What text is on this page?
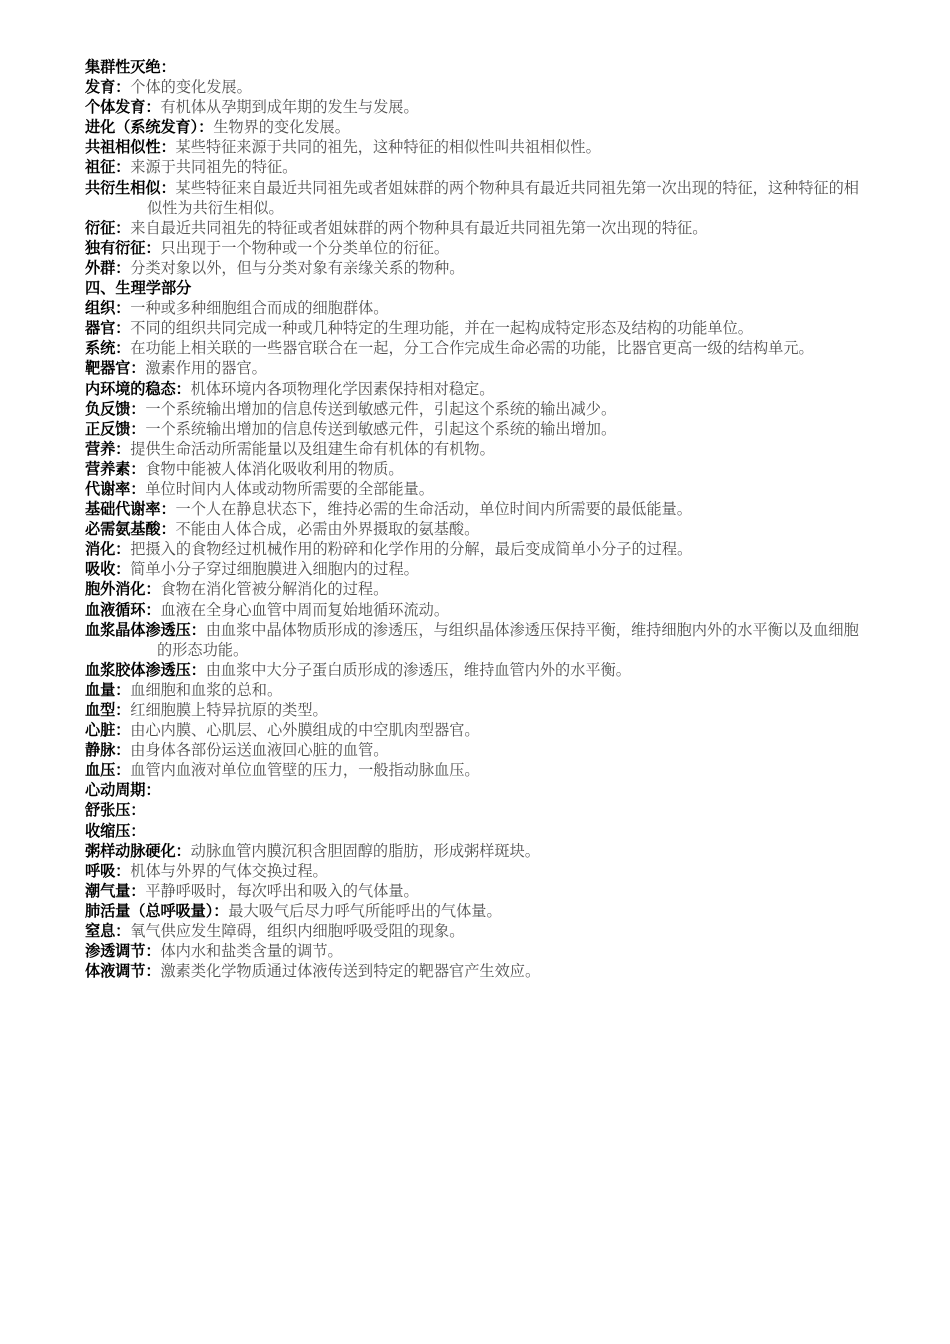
集群性灭绝：
发育：个体的变化发展。
个体发育：有机体从孕期到成年期的发生与发展。
进化（系统发育）：生物界的变化发展。
共祖相似性：某些特征来源于共同的祖先，这种特征的相似性叫共祖相似性。
祖征：来源于共同祖先的特征。
共衍生相似：某些特征来自最近共同祖先或者姐妹群的两个物种具有最近共同祖先第一次出现的特征，这种特征的相似性为共衍生相似。
衍征：来自最近共同祖先的特征或者姐妹群的两个物种具有最近共同祖先第一次出现的特征。
独有衍征：只出现于一个物种或一个分类单位的衍征。
外群：分类对象以外，但与分类对象有亲缘关系的物种。
四、生理学部分
组织：一种或多种细胞组合而成的细胞群体。
器官：不同的组织共同完成一种或几种特定的生理功能，并在一起构成特定形态及结构的功能单位。
系统：在功能上相关联的一些器官联合在一起，分工合作完成生命必需的功能，比器官更高一级的结构单元。
靶器官：激素作用的器官。
内环境的稳态：机体环境内各项物理化学因素保持相对稳定。
负反馈：一个系统输出增加的信息传送到敏感元件，引起这个系统的输出减少。
正反馈：一个系统输出增加的信息传送到敏感元件，引起这个系统的输出增加。
营养：提供生命活动所需能量以及组建生命有机体的有机物。
营养素：食物中能被人体消化吸收利用的物质。
代谢率：单位时间内人体或动物所需要的全部能量。
基础代谢率：一个人在静息状态下，维持必需的生命活动，单位时间内所需要的最低能量。
必需氨基酸：不能由人体合成，必需由外界摄取的氨基酸。
消化：把摄入的食物经过机械作用的粉碎和化学作用的分解，最后变成简单小分子的过程。
吸收：简单小分子穿过细胞膜进入细胞内的过程。
胞外消化：食物在消化管被分解消化的过程。
血液循环：血液在全身心血管中周而复始地循环流动。
血浆晶体渗透压：由血浆中晶体物质形成的渗透压，与组织晶体渗透压保持平衡，维持细胞内外的水平衡以及血细胞的形态功能。
血浆胶体渗透压：由血浆中大分子蛋白质形成的渗透压，维持血管内外的水平衡。
血量：血细胞和血浆的总和。
血型：红细胞膜上特异抗原的类型。
心脏：由心内膜、心肌层、心外膜组成的中空肌肉型器官。
静脉：由身体各部份运送血液回心脏的血管。
血压：血管内血液对单位血管壁的压力，一般指动脉血压。
心动周期：
舒张压：
收缩压：
粥样动脉硬化：动脉血管内膜沉积含胆固醇的脂肪，形成粥样斑块。
呼吸：机体与外界的气体交换过程。
潮气量：平静呼吸时，每次呼出和吸入的气体量。
肺活量（总呼吸量）：最大吸气后尽力呼气所能呼出的气体量。
窒息：氧气供应发生障碍，组织内细胞呼吸受阻的现象。
渗透调节：体内水和盐类含量的调节。
体液调节：激素类化学物质通过体液传送到特定的靶器官产生效应。
